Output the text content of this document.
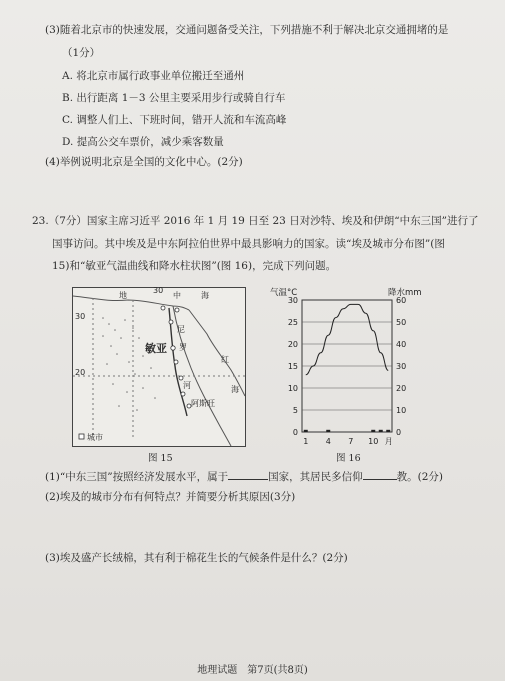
(3)随着北京市的快速发展，交通问题备受关注，下列措施不利于解决北京交通拥堵的是
（1分）
A. 将北京市属行政事业单位搬迁至通州
B. 出行距离 1－3 公里主要采用步行或骑自行车
C. 调整人们上、下班时间，错开人流和车流高峰
D. 提高公交车票价，减少乘客数量
(4)举例说明北京是全国的文化中心。(2分)
23.（7分）国家主席习近平 2016 年 1 月 19 日至 23 日对沙特、埃及和伊朗“中东三国”进行了
国事访问。其中埃及是中东阿拉伯世界中最具影响力的国家。读“埃及城市分布图”(图
15)和“敏亚气温曲线和降水柱状图”(图 16)，完成下列问题。
地	中	海
30
30
20
尼
罗
河
红
海
敏亚
阿斯旺
城市
图 15
0
5
10
15
20
25
30
0
10
20
30
40
50
60
气温°C	降水mm
1 4 7 10 月
图 16
(1)“中东三国”按照经济发展水平，属于	国家，其居民多信仰	教。(2分)
(2)埃及的城市分布有何特点？并简要分析其原因(3分)
(3)埃及盛产长绒棉，其有利于棉花生长的气候条件是什么？(2分)
地理试题　第7页(共8页)
